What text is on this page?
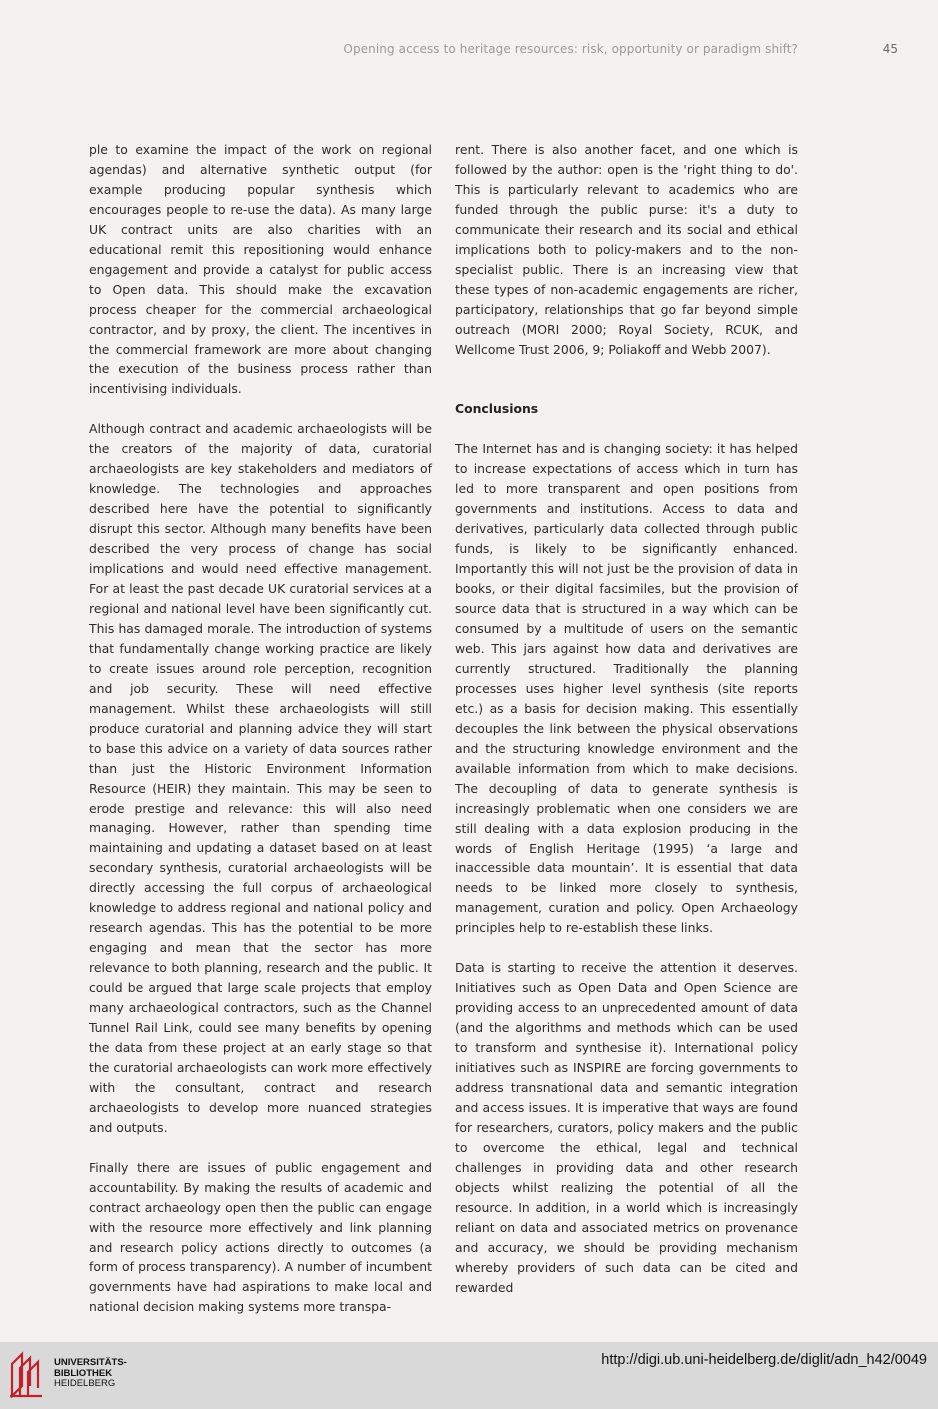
Opening access to heritage resources: risk, opportunity or paradigm shift?	45

ple to examine the impact of the work on regional agendas) and alternative synthetic output (for example producing popular synthesis which encourages people to re-use the data). As many large UK contract units are also charities with an educational remit this repositioning would enhance engagement and provide a catalyst for public access to Open data. This should make the excavation process cheaper for the commercial archaeological contractor, and by proxy, the client. The incentives in the commercial framework are more about changing the execution of the business process rather than incentivising individuals.

Although contract and academic archaeologists will be the creators of the majority of data, curatorial archaeologists are key stakeholders and mediators of knowledge. The technologies and approaches described here have the potential to significantly disrupt this sector. Although many benefits have been described the very process of change has social implications and would need effective management. For at least the past decade UK curatorial services at a regional and national level have been significantly cut. This has damaged morale. The introduction of systems that fundamentally change working practice are likely to create issues around role perception, recognition and job security. These will need effective management. Whilst these archaeologists will still produce curatorial and planning advice they will start to base this advice on a variety of data sources rather than just the Historic Environment Information Resource (HEIR) they maintain. This may be seen to erode prestige and relevance: this will also need managing. However, rather than spending time maintaining and updating a dataset based on at least secondary synthesis, curatorial archaeologists will be directly accessing the full corpus of archaeological knowledge to address regional and national policy and research agendas. This has the potential to be more engaging and mean that the sector has more relevance to both planning, research and the public. It could be argued that large scale projects that employ many archaeological contractors, such as the Channel Tunnel Rail Link, could see many benefits by opening the data from these project at an early stage so that the curatorial archaeologists can work more effectively with the consultant, contract and research archaeologists to develop more nuanced strategies and outputs.

Finally there are issues of public engagement and accountability. By making the results of academic and contract archaeology open then the public can engage with the resource more effectively and link planning and research policy actions directly to outcomes (a form of process transparency). A number of incumbent governments have had aspirations to make local and national decision making systems more transpa-

rent. There is also another facet, and one which is followed by the author: open is the 'right thing to do'. This is particularly relevant to academics who are funded through the public purse: it's a duty to communicate their research and its social and ethical implications both to policy-makers and to the non-specialist public. There is an increasing view that these types of non-academic engagements are richer, participatory, relationships that go far beyond simple outreach (MORI 2000; Royal Society, RCUK, and Wellcome Trust 2006, 9; Poliakoff and Webb 2007).

Conclusions

The Internet has and is changing society: it has helped to increase expectations of access which in turn has led to more transparent and open positions from governments and institutions. Access to data and derivatives, particularly data collected through public funds, is likely to be significantly enhanced. Importantly this will not just be the provision of data in books, or their digital facsimiles, but the provision of source data that is structured in a way which can be consumed by a multitude of users on the semantic web. This jars against how data and derivatives are currently structured. Traditionally the planning processes uses higher level synthesis (site reports etc.) as a basis for decision making. This essentially decouples the link between the physical observations and the structuring knowledge environment and the available information from which to make decisions. The decoupling of data to generate synthesis is increasingly problematic when one considers we are still dealing with a data explosion producing in the words of English Heritage (1995) ‘a large and inaccessible data mountain’. It is essential that data needs to be linked more closely to synthesis, management, curation and policy. Open Archaeology principles help to re-establish these links.

Data is starting to receive the attention it deserves. Initiatives such as Open Data and Open Science are providing access to an unprecedented amount of data (and the algorithms and methods which can be used to transform and synthesise it). International policy initiatives such as INSPIRE are forcing governments to address transnational data and semantic integration and access issues. It is imperative that ways are found for researchers, curators, policy makers and the public to overcome the ethical, legal and technical challenges in providing data and other research objects whilst realizing the potential of all the resource. In addition, in a world which is increasingly reliant on data and associated metrics on provenance and accuracy, we should be providing mechanism whereby providers of such data can be cited and rewarded

UNIVERSITÄTS-
BIBLIOTHEK
HEIDELBERG
http://digi.ub.uni-heidelberg.de/diglit/adn_h42/0049
